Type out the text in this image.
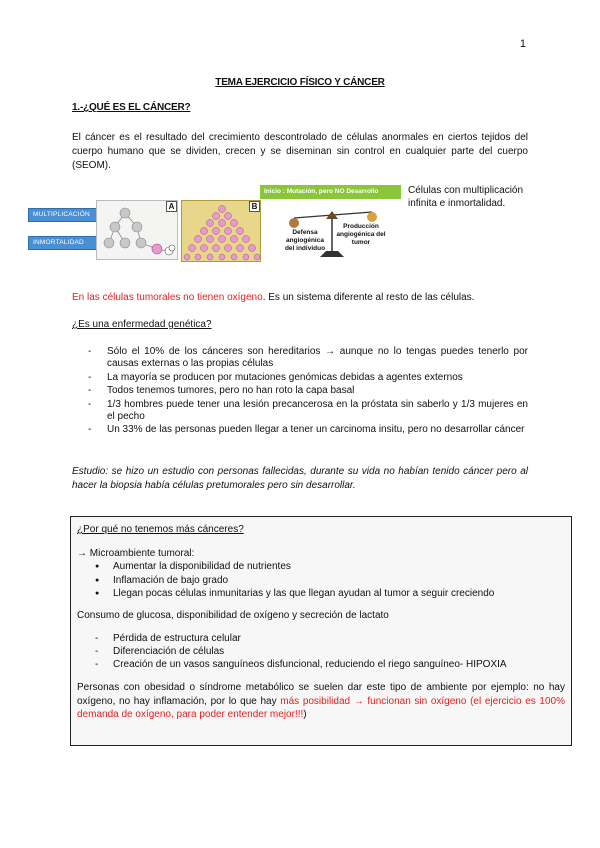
1
TEMA EJERCICIO FÍSICO Y CÁNCER
1.-¿QUÉ ES EL CÁNCER?

El cáncer es el resultado del crecimiento descontrolado de células anormales en ciertos tejidos del cuerpo humano que se dividen, crecen y se diseminan sin control en cualquier parte del cuerpo (SEOM).

MULTIPLICACIÓN
INMORTALIDAD
A	B
Inicio : Mutación, pero NO Desarrollo
Defensa angiogénica del individuo
Producción angiogénica del tumor
Células con multiplicación infinita e inmortalidad.

En las células tumorales no tienen oxígeno. Es un sistema diferente al resto de las células.

¿Es una enfermedad genética?

- Sólo el 10% de los cánceres son hereditarios → aunque no lo tengas puedes tenerlo por causas externas o las propias células
- La mayoría se producen por mutaciones genómicas debidas a agentes externos
- Todos tenemos tumores, pero no han roto la capa basal
- 1/3 hombres puede tener una lesión precancerosa en la próstata sin saberlo y 1/3 mujeres en el pecho
- Un 33% de las personas pueden llegar a tener un carcinoma insitu, pero no desarrollar cáncer

Estudio: se hizo un estudio con personas fallecidas, durante su vida no habían tenido cáncer pero al hacer la biopsia había células pretumorales pero sin desarrollar.

¿Por qué no tenemos más cánceres?

→ Microambiente tumoral:

● Aumentar la disponibilidad de nutrientes
● Inflamación de bajo grado
● Llegan pocas células inmunitarias y las que llegan ayudan al tumor a seguir creciendo

Consumo de glucosa, disponibilidad de oxígeno y secreción de lactato

- Pérdida de estructura celular
- Diferenciación de células
- Creación de un vasos sanguíneos disfuncional, reduciendo el riego sanguíneo- HIPOXIA

Personas con obesidad o síndrome metabólico se suelen dar este tipo de ambiente por ejemplo: no hay oxígeno, no hay inflamación, por lo que hay más posibilidad → funcionan sin oxígeno (el ejercicio es 100% demanda de oxígeno, para poder entender mejor!!!)
